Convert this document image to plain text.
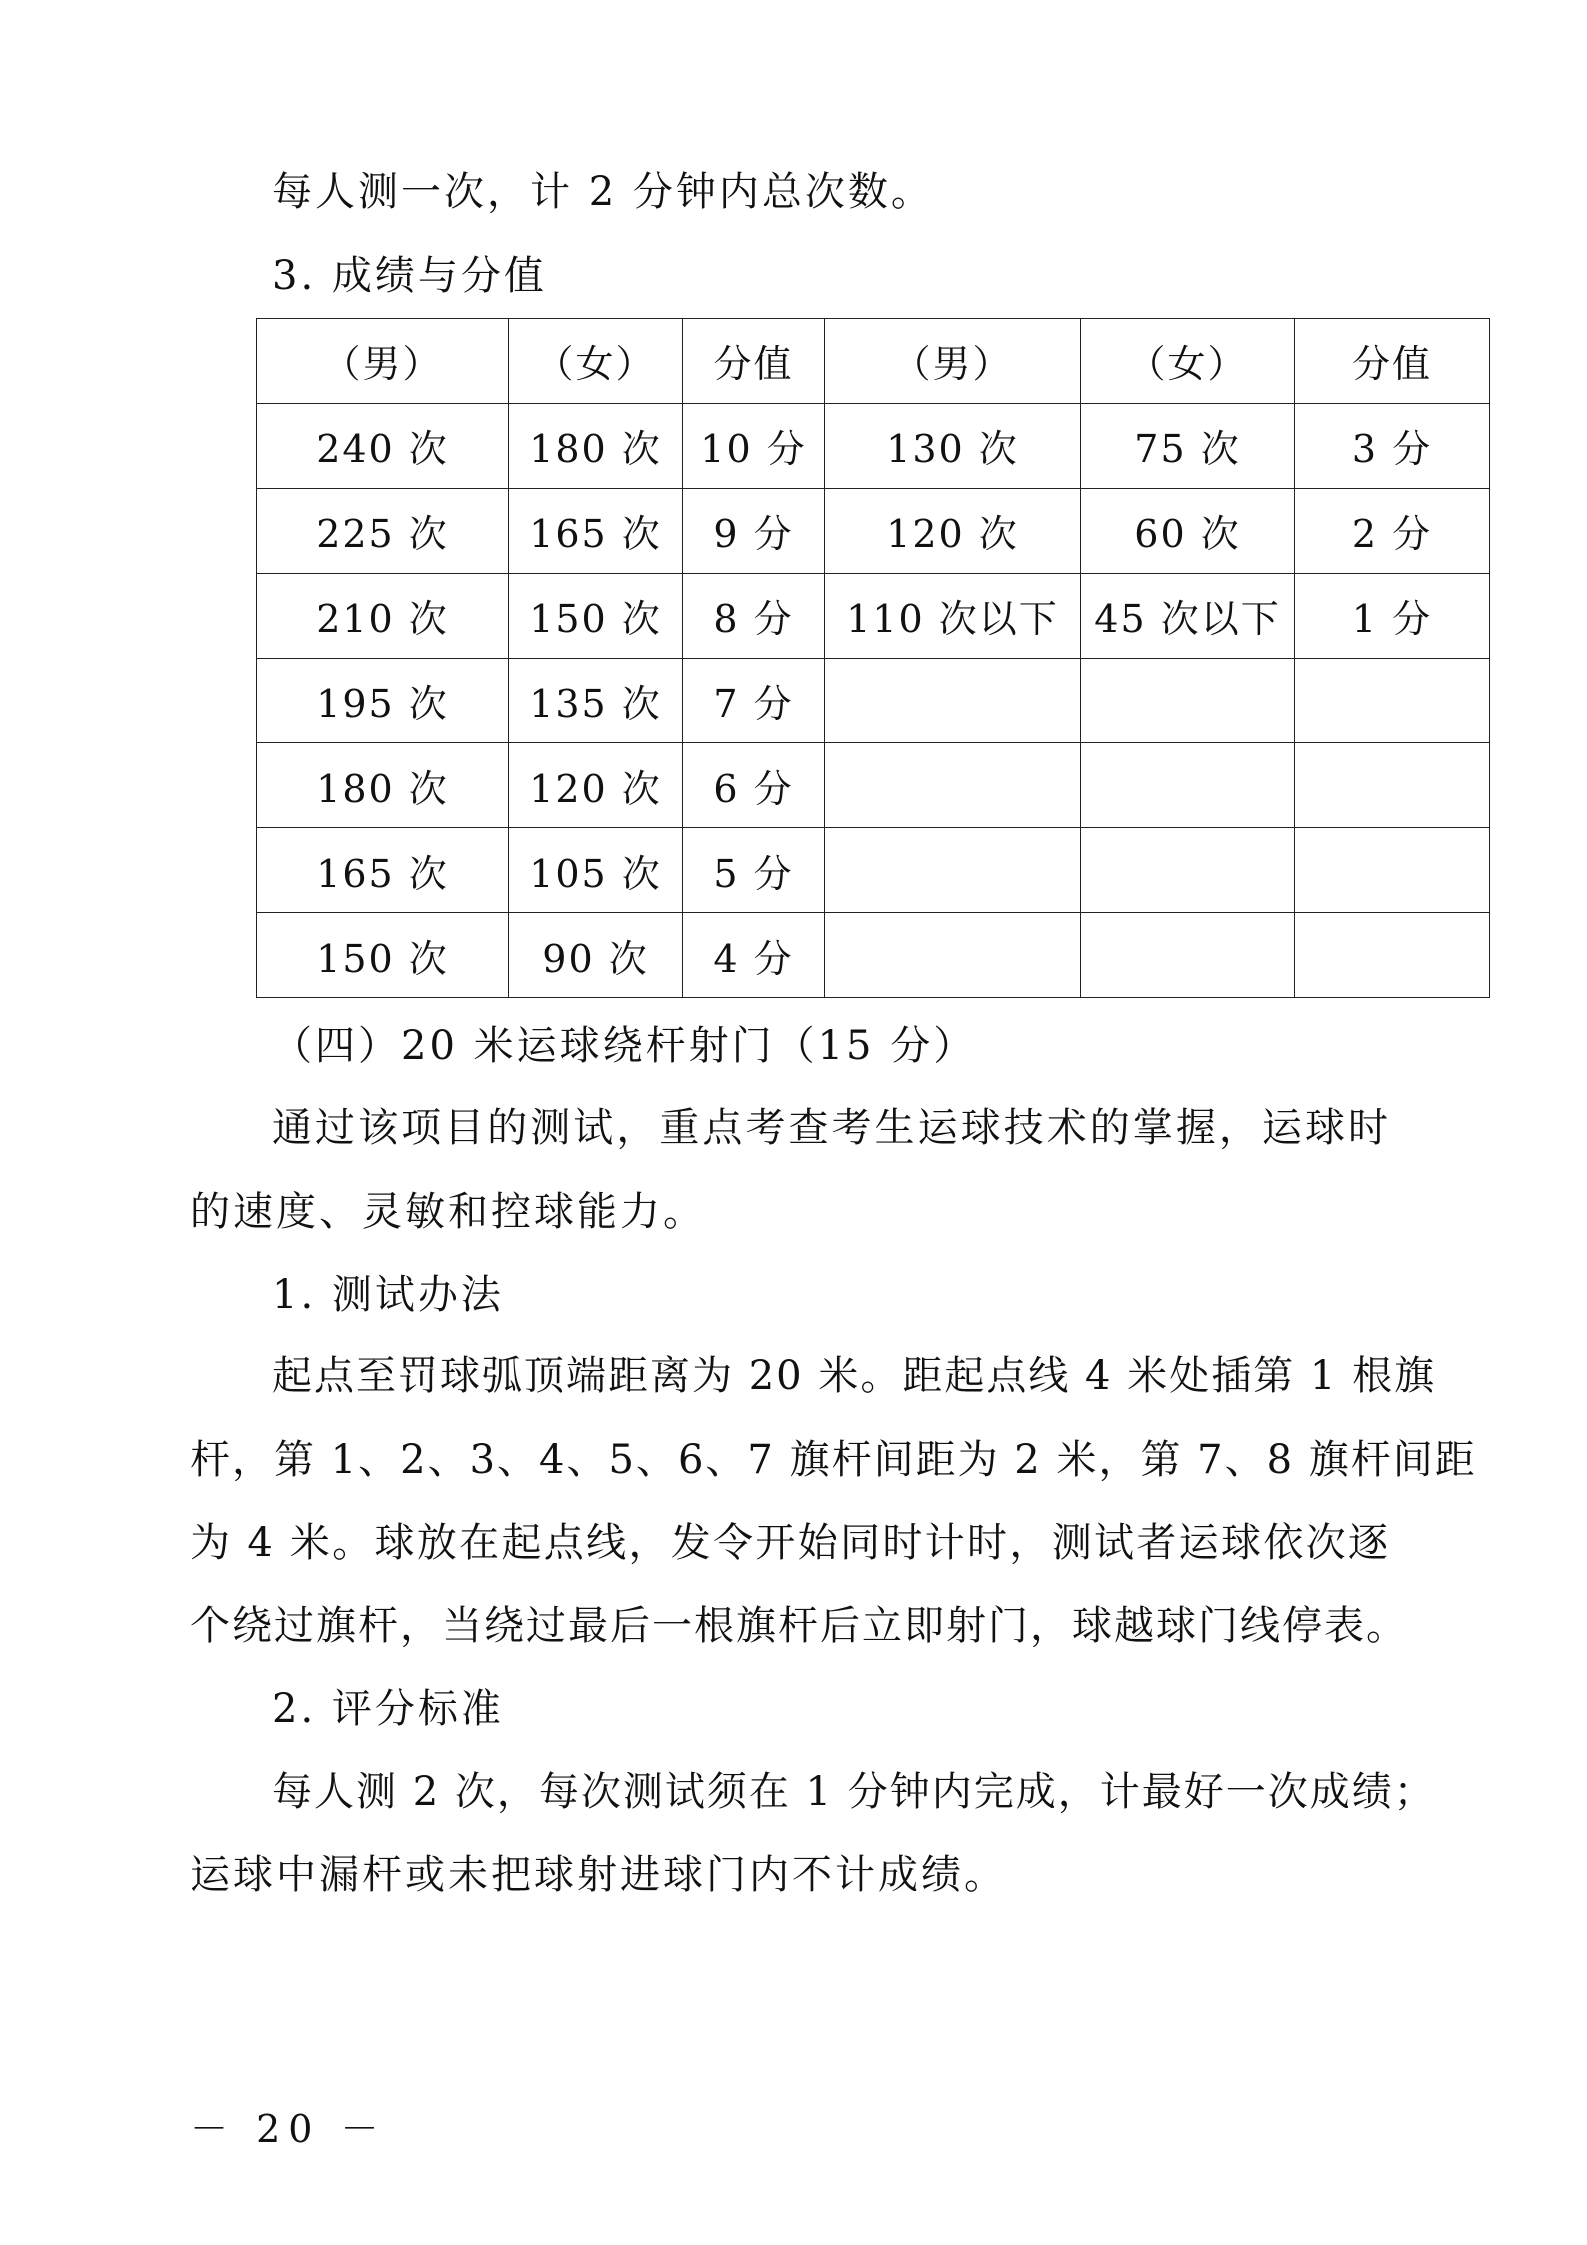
每人测一次，计 2 分钟内总次数。
3. 成绩与分值
（男）	（女）	分值	（男）	（女）	分值
240 次	180 次	10 分	130 次	75 次	3 分
225 次	165 次	9 分	120 次	60 次	2 分
210 次	150 次	8 分	110 次以下	45 次以下	1 分
195 次	135 次	7 分			
180 次	120 次	6 分			
165 次	105 次	5 分			
150 次	90 次	4 分			
（四）20 米运球绕杆射门（15 分）
通过该项目的测试，重点考查考生运球技术的掌握，运球时
的速度、灵敏和控球能力。
1. 测试办法
起点至罚球弧顶端距离为 20 米。距起点线 4 米处插第 1 根旗
杆，第 1、2、3、4、5、6、7 旗杆间距为 2 米，第 7、8 旗杆间距
为 4 米。球放在起点线，发令开始同时计时，测试者运球依次逐
个绕过旗杆，当绕过最后一根旗杆后立即射门，球越球门线停表。
2. 评分标准
每人测 2 次，每次测试须在 1 分钟内完成，计最好一次成绩；
运球中漏杆或未把球射进球门内不计成绩。
－ 20 －
